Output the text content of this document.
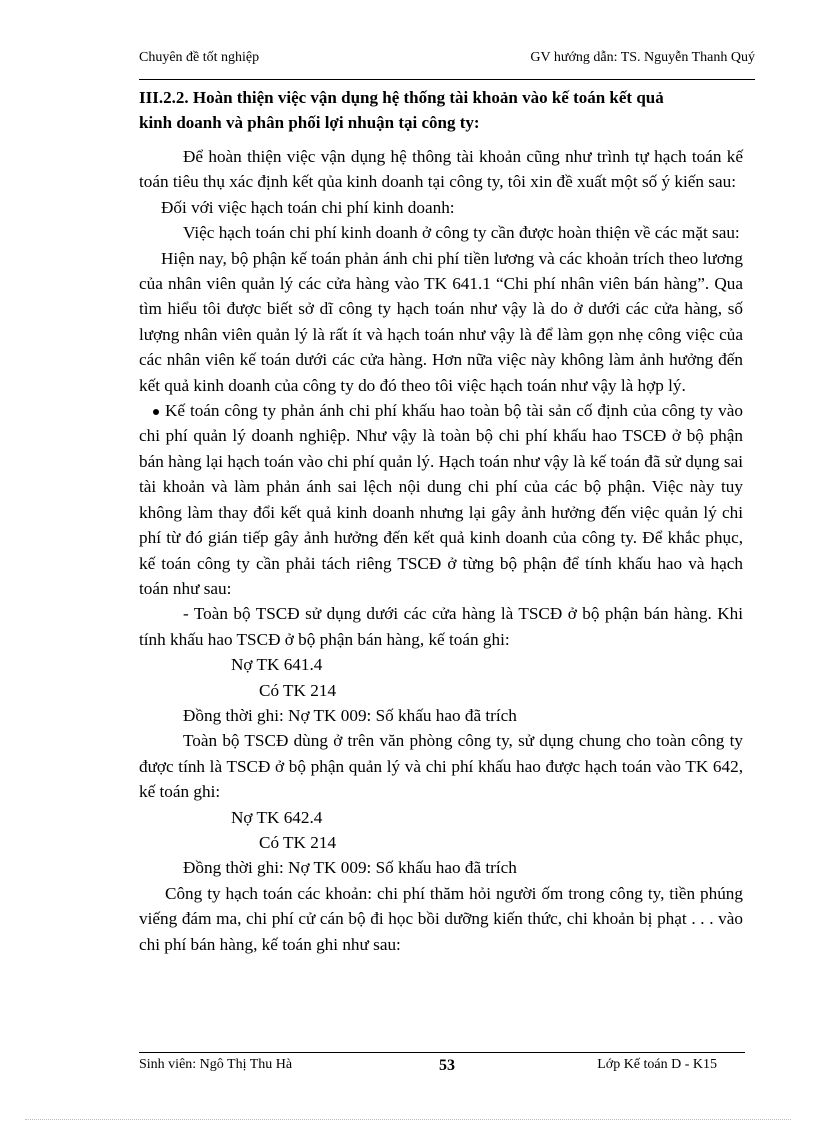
Chuyên đề tốt nghiệp	GV hướng dẫn: TS. Nguyễn Thanh Quý
III.2.2. Hoàn thiện việc vận dụng hệ thống tài khoản vào kế toán kết quả
kinh doanh và phân phối lợi nhuận tại công ty:

Để hoàn thiện việc vận dụng hệ thông tài khoản cũng như trình tự hạch toán kế toán tiêu thụ xác định kết qủa kinh doanh tại công ty, tôi xin đề xuất một số ý kiến sau:

Đối với việc hạch toán chi phí kinh doanh:

Việc hạch toán chi phí kinh doanh ở công ty cần được hoàn thiện về các mặt sau:

Hiện nay, bộ phận kế toán phản ánh chi phí tiền lương và các khoản trích theo lương của nhân viên quản lý các cửa hàng vào TK 641.1 “Chi phí nhân viên bán hàng”. Qua tìm hiểu tôi được biết sở dĩ công ty hạch toán như vậy là do ở dưới các cửa hàng, số lượng nhân viên quản lý là rất ít và hạch toán như vậy là để làm gọn nhẹ công việc của các nhân viên kế toán dưới các cửa hàng. Hơn nữa việc này không làm ảnh hưởng đến kết quả kinh doanh của công ty do đó theo tôi việc hạch toán như vậy là hợp lý.

Kế toán công ty phản ánh chi phí khấu hao toàn bộ tài sản cố định của công ty vào chi phí quản lý doanh nghiệp. Như vậy là toàn bộ chi phí khấu hao TSCĐ ở bộ phận bán hàng lại hạch toán vào chi phí quản lý. Hạch toán như vậy là kế toán đã sử dụng sai tài khoản và làm phản ánh sai lệch nội dung chi phí của các bộ phận. Việc này tuy không làm thay đổi kết quả kinh doanh nhưng lại gây ảnh hưởng đến việc quản lý chi phí từ đó gián tiếp gây ảnh hưởng đến kết quả kinh doanh của công ty. Để khắc phục, kế toán công ty cần phải tách riêng TSCĐ ở từng bộ phận để tính khấu hao và hạch toán như sau:

- Toàn bộ TSCĐ sử dụng dưới các cửa hàng là TSCĐ ở bộ phận bán hàng. Khi tính khấu hao TSCĐ ở bộ phận bán hàng, kế toán ghi:

Nợ TK 641.4

Có TK 214

Đồng thời ghi: Nợ TK 009: Số khấu hao đã trích

Toàn bộ TSCĐ dùng ở trên văn phòng công ty, sử dụng chung cho toàn công ty được tính là TSCĐ ở bộ phận quản lý và chi phí khấu hao được hạch toán vào TK 642, kế toán ghi:

Nợ TK 642.4

Có TK 214

Đồng thời ghi: Nợ TK 009: Số khấu hao đã trích

Công ty hạch toán các khoản: chi phí thăm hỏi người ốm trong công ty, tiền phúng viếng đám ma, chi phí cử cán bộ đi học bồi dưỡng kiến thức, chi khoản bị phạt . . . vào chi phí bán hàng, kế toán ghi như sau:

Sinh viên: Ngô Thị Thu Hà	53	Lớp Kế toán D - K15
